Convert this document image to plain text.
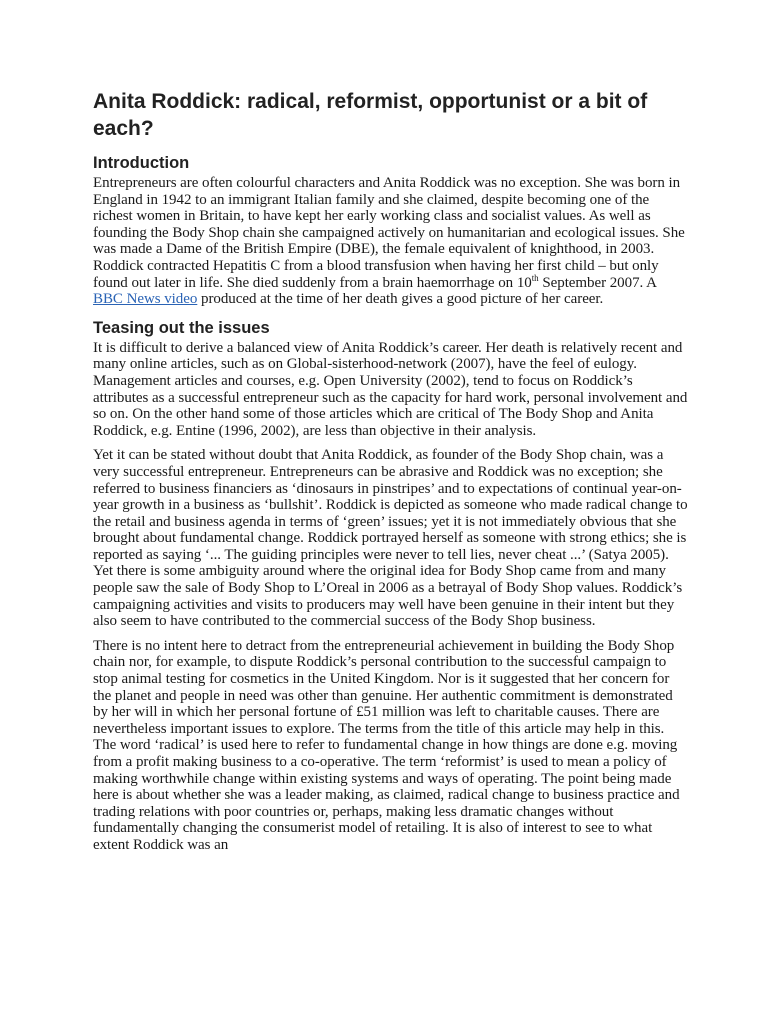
Anita Roddick: radical, reformist, opportunist or a bit of each?
Introduction

Entrepreneurs are often colourful characters and Anita Roddick was no exception. She was born in England in 1942 to an immigrant Italian family and she claimed, despite becoming one of the richest women in Britain, to have kept her early working class and socialist values. As well as founding the Body Shop chain she campaigned actively on humanitarian and ecological issues. She was made a Dame of the British Empire (DBE), the female equivalent of knighthood, in 2003. Roddick contracted Hepatitis C from a blood transfusion when having her first child – but only found out later in life. She died suddenly from a brain haemorrhage on 10th September 2007. A BBC News video produced at the time of her death gives a good picture of her career.

Teasing out the issues

It is difficult to derive a balanced view of Anita Roddick’s career. Her death is relatively recent and many online articles, such as on Global-sisterhood-network (2007), have the feel of eulogy. Management articles and courses, e.g. Open University (2002), tend to focus on Roddick’s attributes as a successful entrepreneur such as the capacity for hard work, personal involvement and so on. On the other hand some of those articles which are critical of The Body Shop and Anita Roddick, e.g. Entine (1996, 2002), are less than objective in their analysis.

Yet it can be stated without doubt that Anita Roddick, as founder of the Body Shop chain, was a very successful entrepreneur. Entrepreneurs can be abrasive and Roddick was no exception; she referred to business financiers as ‘dinosaurs in pinstripes’ and to expectations of continual year-on-year growth in a business as ‘bullshit’. Roddick is depicted as someone who made radical change to the retail and business agenda in terms of ‘green’ issues; yet it is not immediately obvious that she brought about fundamental change. Roddick portrayed herself as someone with strong ethics; she is reported as saying ‘... The guiding principles were never to tell lies, never cheat ...’ (Satya 2005). Yet there is some ambiguity around where the original idea for Body Shop came from and many people saw the sale of Body Shop to L’Oreal in 2006 as a betrayal of Body Shop values. Roddick’s campaigning activities and visits to producers may well have been genuine in their intent but they also seem to have contributed to the commercial success of the Body Shop business.

There is no intent here to detract from the entrepreneurial achievement in building the Body Shop chain nor, for example, to dispute Roddick’s personal contribution to the successful campaign to stop animal testing for cosmetics in the United Kingdom. Nor is it suggested that her concern for the planet and people in need was other than genuine. Her authentic commitment is demonstrated by her will in which her personal fortune of £51 million was left to charitable causes. There are nevertheless important issues to explore. The terms from the title of this article may help in this. The word ‘radical’ is used here to refer to fundamental change in how things are done e.g. moving from a profit making business to a co-operative. The term ‘reformist’ is used to mean a policy of making worthwhile change within existing systems and ways of operating. The point being made here is about whether she was a leader making, as claimed, radical change to business practice and trading relations with poor countries or, perhaps, making less dramatic changes without fundamentally changing the consumerist model of retailing. It is also of interest to see to what extent Roddick was an
